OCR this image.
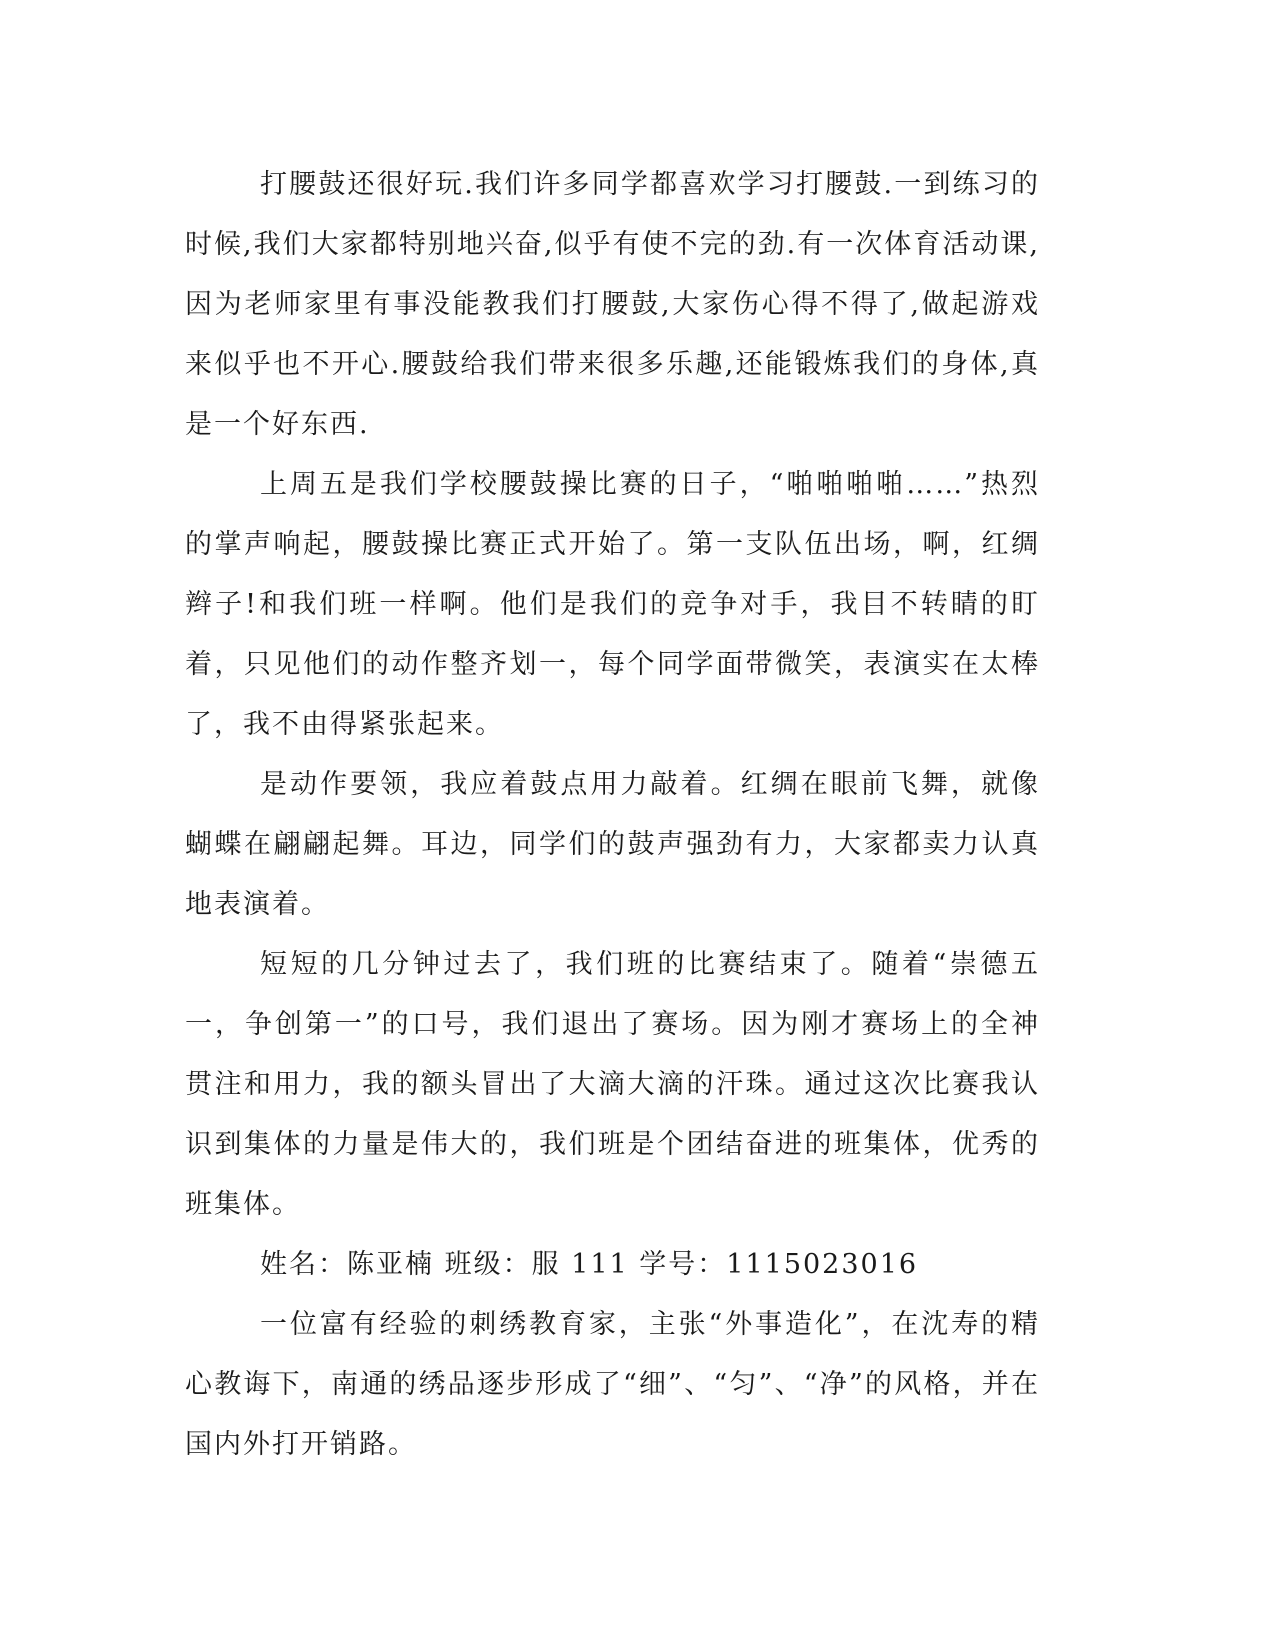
打腰鼓还很好玩.我们许多同学都喜欢学习打腰鼓.一到练习的时候,我们大家都特别地兴奋,似乎有使不完的劲.有一次体育活动课,因为老师家里有事没能教我们打腰鼓,大家伤心得不得了,做起游戏来似乎也不开心.腰鼓给我们带来很多乐趣,还能锻炼我们的身体,真是一个好东西.

上周五是我们学校腰鼓操比赛的日子，“啪啪啪啪……”热烈的掌声响起，腰鼓操比赛正式开始了。第一支队伍出场，啊，红绸辫子!和我们班一样啊。他们是我们的竞争对手，我目不转睛的盯着，只见他们的动作整齐划一，每个同学面带微笑，表演实在太棒了，我不由得紧张起来。

是动作要领，我应着鼓点用力敲着。红绸在眼前飞舞，就像蝴蝶在翩翩起舞。耳边，同学们的鼓声强劲有力，大家都卖力认真地表演着。

短短的几分钟过去了，我们班的比赛结束了。随着“崇德五一，争创第一”的口号，我们退出了赛场。因为刚才赛场上的全神贯注和用力，我的额头冒出了大滴大滴的汗珠。通过这次比赛我认识到集体的力量是伟大的，我们班是个团结奋进的班集体，优秀的班集体。

姓名：陈亚楠 班级：服 111 学号：1115023016

一位富有经验的刺绣教育家，主张“外事造化”，在沈寿的精心教诲下，南通的绣品逐步形成了“细”、“匀”、“净”的风格，并在国内外打开销路。
